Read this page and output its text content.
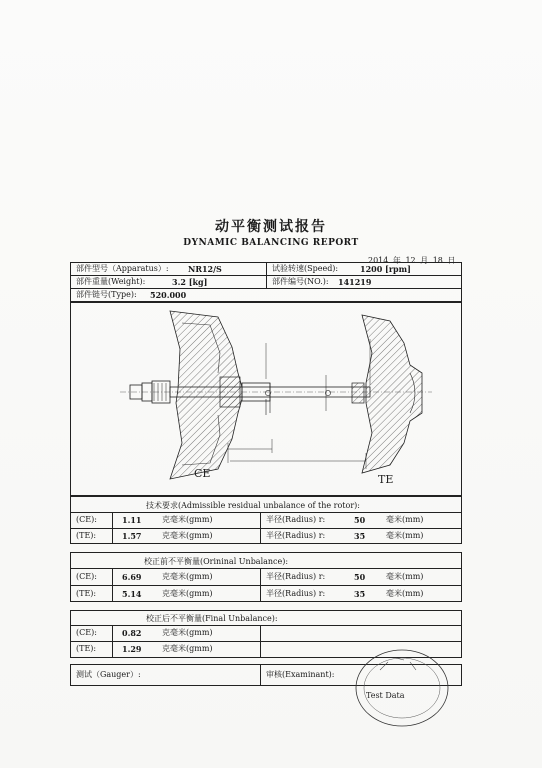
动平衡测试报告
DYNAMIC BALANCING REPORT
2014 年 12 月 18 日
部件型号（Apparatus）: NR12/S	试验转速(Speed):	1200 [rpm]
部件重量(Weight):	3.2 [kg]	部件编号(NO.): 141219
部件链号(Type): 520.000
CE	TE
技术要求(Admissible residual unbalance of the rotor):
(CE):	1.11	克毫米(gmm)	半径(Radius) r:	50	毫米(mm)
(TE):	1.57	克毫米(gmm)	半径(Radius) r:	35	毫米(mm)
校正前不平衡量(Orininal Unbalance):
(CE):	6.69	克毫米(gmm)	半径(Radius) r:	50	毫米(mm)
(TE):	5.14	克毫米(gmm)	半径(Radius) r:	35	毫米(mm)
校正后不平衡量(Final Unbalance):
(CE):	0.82	克毫米(gmm)
(TE):	1.29	克毫米(gmm)
测试（Gauger）:	审核(Examinant):
Test Data
